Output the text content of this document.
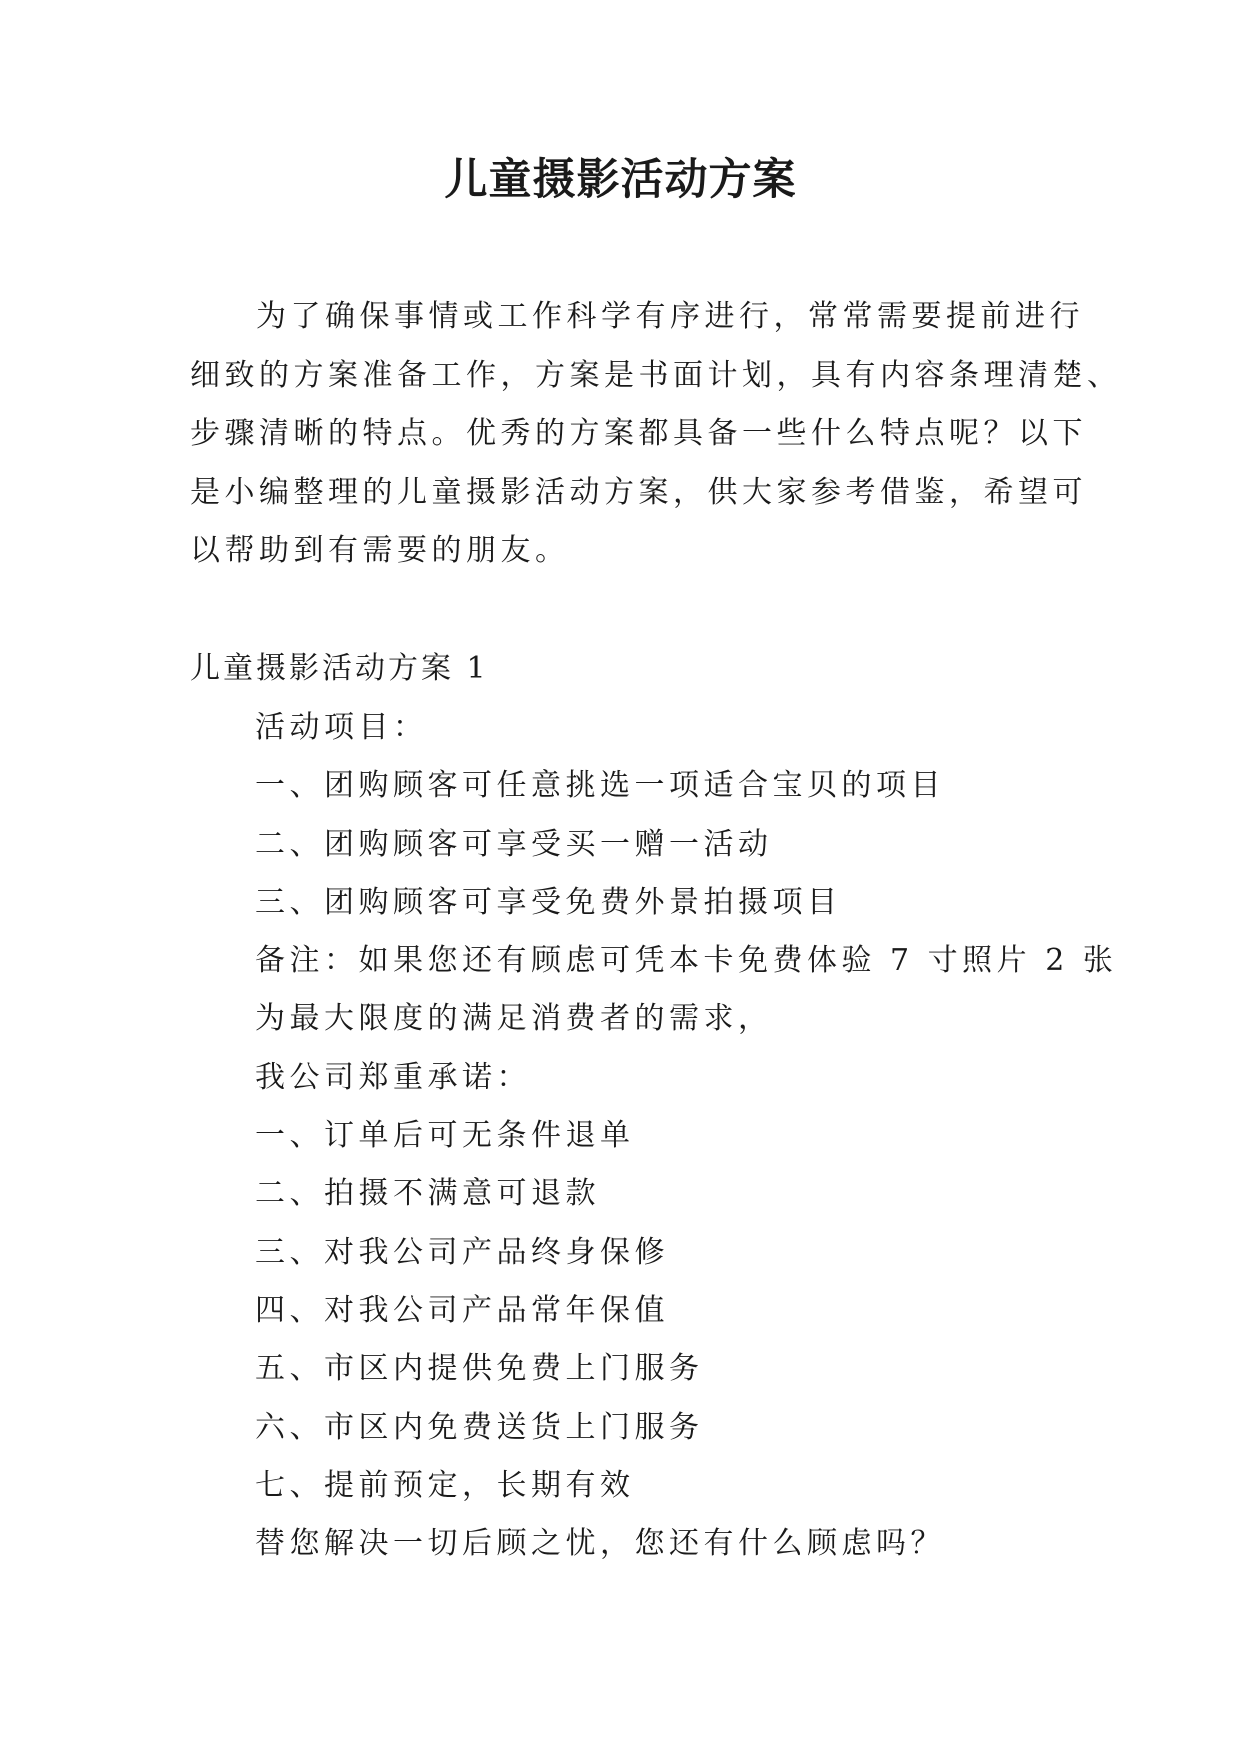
儿童摄影活动方案
为了确保事情或工作科学有序进行，常常需要提前进行
细致的方案准备工作，方案是书面计划，具有内容条理清楚、
步骤清晰的特点。优秀的方案都具备一些什么特点呢？以下
是小编整理的儿童摄影活动方案，供大家参考借鉴，希望可
以帮助到有需要的朋友。
儿童摄影活动方案 1
活动项目：
一、团购顾客可任意挑选一项适合宝贝的项目
二、团购顾客可享受买一赠一活动
三、团购顾客可享受免费外景拍摄项目
备注：如果您还有顾虑可凭本卡免费体验 7 寸照片 2 张
为最大限度的满足消费者的需求，
我公司郑重承诺：
一、订单后可无条件退单
二、拍摄不满意可退款
三、对我公司产品终身保修
四、对我公司产品常年保值
五、市区内提供免费上门服务
六、市区内免费送货上门服务
七、提前预定，长期有效
替您解决一切后顾之忧，您还有什么顾虑吗？
